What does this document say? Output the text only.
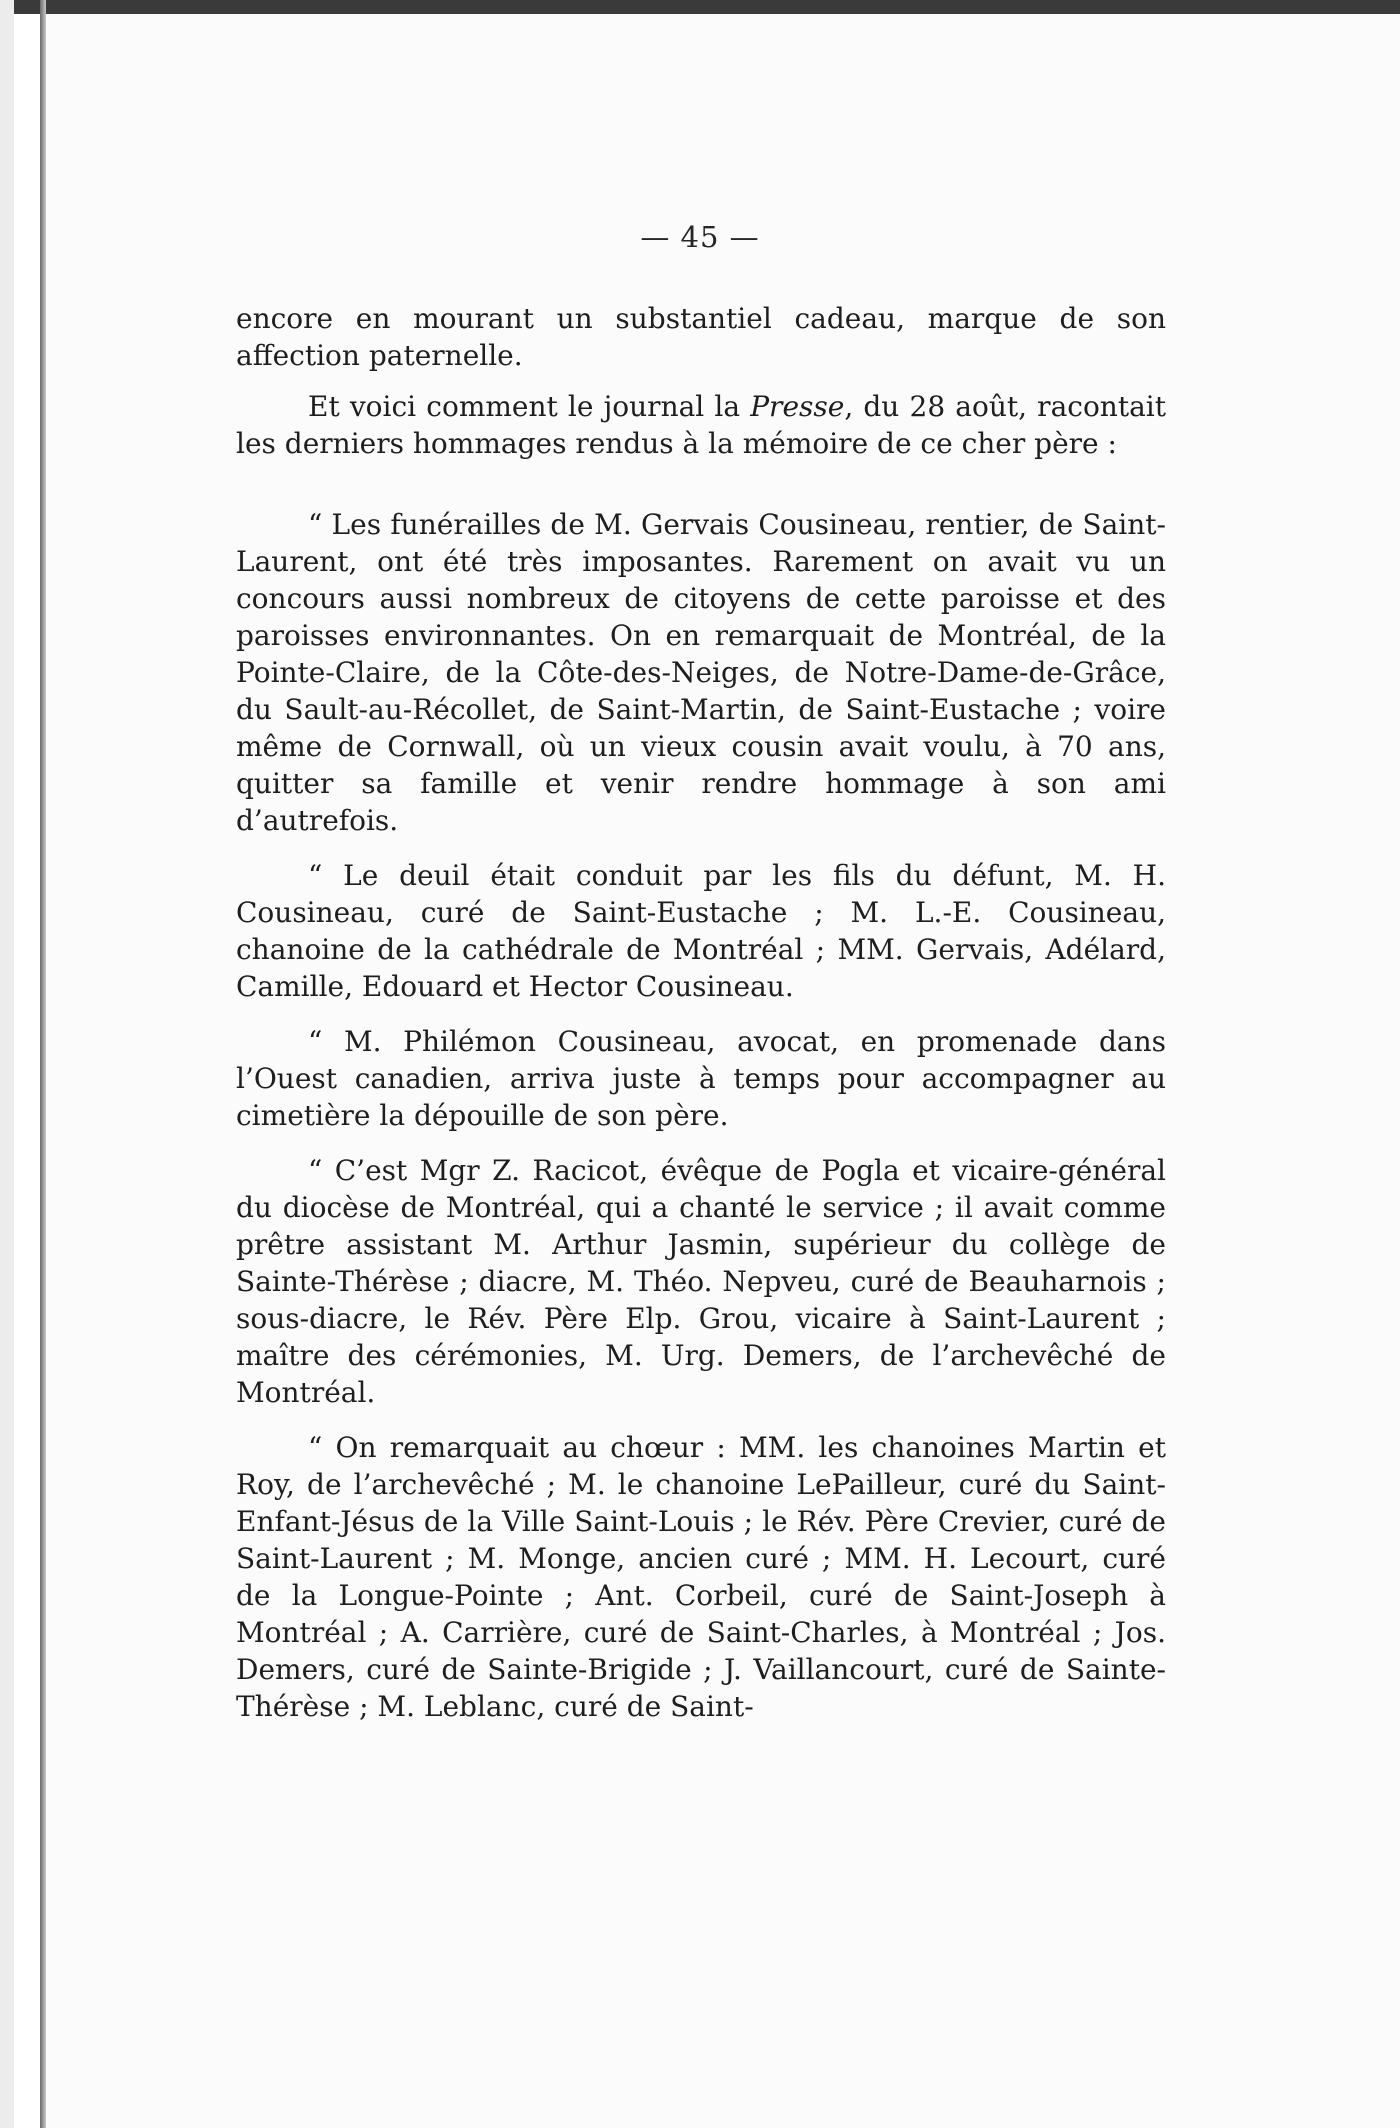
— 45 —

encore en mourant un substantiel cadeau, marque de son affection paternelle.

Et voici comment le journal la Presse, du 28 août, racontait les derniers hommages rendus à la mémoire de ce cher père :

“ Les funérailles de M. Gervais Cousineau, rentier, de Saint-Laurent, ont été très imposantes. Rarement on avait vu un concours aussi nombreux de citoyens de cette paroisse et des paroisses environnantes. On en remarquait de Montréal, de la Pointe-Claire, de la Côte-des-Neiges, de Notre-Dame-de-Grâce, du Sault-au-Récollet, de Saint-Martin, de Saint-Eustache ; voire même de Cornwall, où un vieux cousin avait voulu, à 70 ans, quitter sa famille et venir rendre hommage à son ami d’autrefois.

“ Le deuil était conduit par les fils du défunt, M. H. Cousineau, curé de Saint-Eustache ; M. L.-E. Cousineau, chanoine de la cathédrale de Montréal ; MM. Gervais, Adélard, Camille, Edouard et Hector Cousineau.

“ M. Philémon Cousineau, avocat, en promenade dans l’Ouest canadien, arriva juste à temps pour accompagner au cimetière la dépouille de son père.

“ C’est Mgr Z. Racicot, évêque de Pogla et vicaire-général du diocèse de Montréal, qui a chanté le service ; il avait comme prêtre assistant M. Arthur Jasmin, supérieur du collège de Sainte-Thérèse ; diacre, M. Théo. Nepveu, curé de Beauharnois ; sous-diacre, le Rév. Père Elp. Grou, vicaire à Saint-Laurent ; maître des cérémonies, M. Urg. Demers, de l’archevêché de Montréal.

“ On remarquait au chœur : MM. les chanoines Martin et Roy, de l’archevêché ; M. le chanoine LePailleur, curé du Saint-Enfant-Jésus de la Ville Saint-Louis ; le Rév. Père Crevier, curé de Saint-Laurent ; M. Monge, ancien curé ; MM. H. Lecourt, curé de la Longue-Pointe ; Ant. Corbeil, curé de Saint-Joseph à Montréal ; A. Carrière, curé de Saint-Charles, à Montréal ; Jos. Demers, curé de Sainte-Brigide ; J. Vaillancourt, curé de Sainte-Thérèse ; M. Leblanc, curé de Saint-
